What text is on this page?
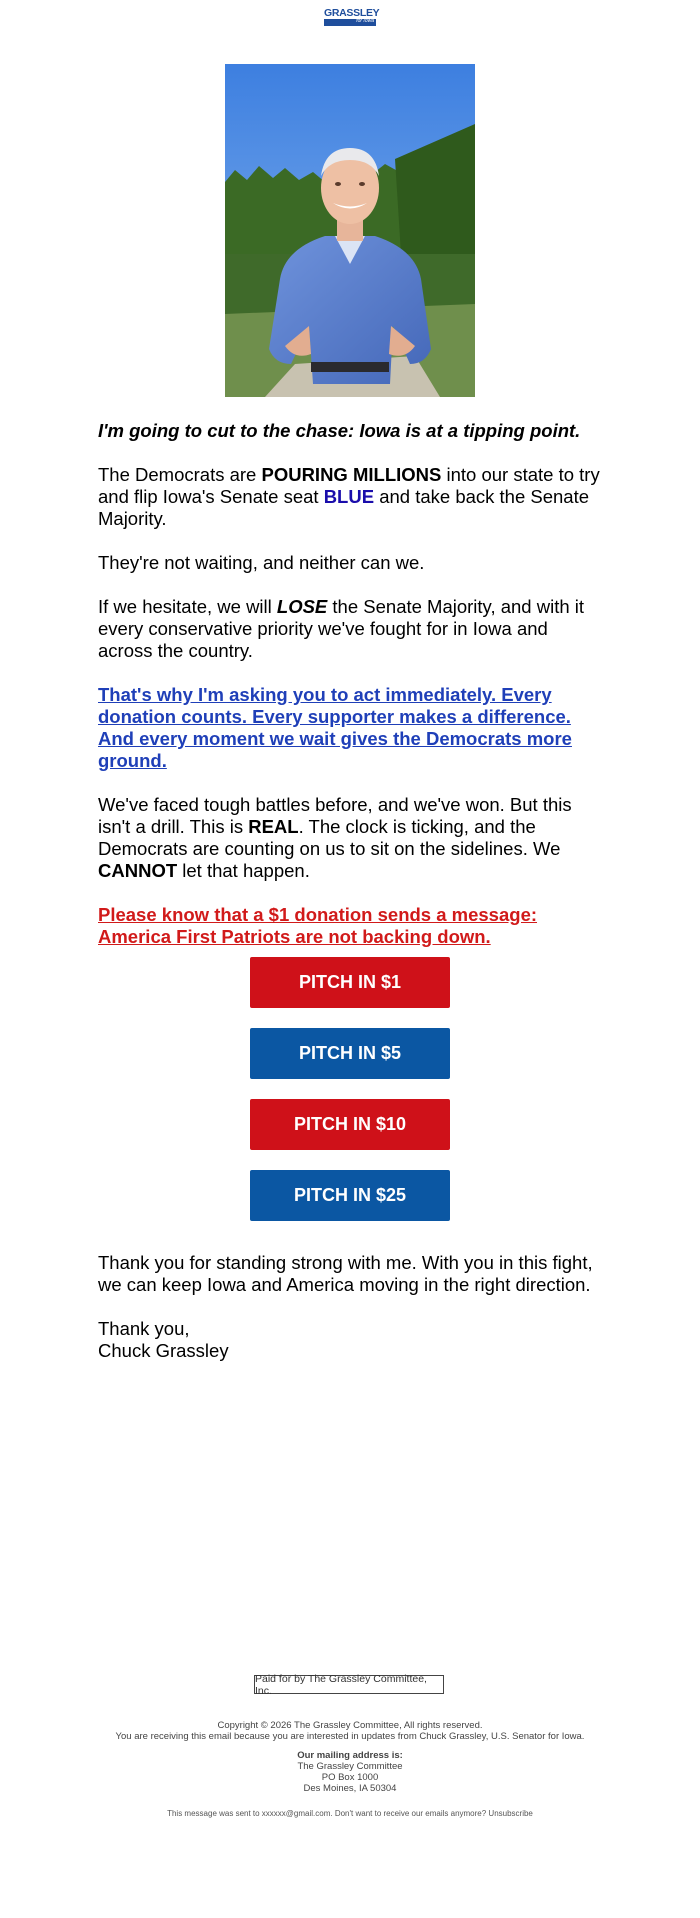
GRASSLEY
for Iowa

I'm going to cut to the chase: Iowa is at a tipping point.

The Democrats are POURING MILLIONS into our state to try and flip Iowa's Senate seat BLUE and take back the Senate Majority.

They're not waiting, and neither can we.

If we hesitate, we will LOSE the Senate Majority, and with it every conservative priority we've fought for in Iowa and across the country.

That's why I'm asking you to act immediately. Every donation counts. Every supporter makes a difference. And every moment we wait gives the Democrats more ground.

We've faced tough battles before, and we've won. But this isn't a drill. This is REAL. The clock is ticking, and the Democrats are counting on us to sit on the sidelines. We CANNOT let that happen.

Please know that a $1 donation sends a message: America First Patriots are not backing down.

PITCH IN $1
PITCH IN $5
PITCH IN $10
PITCH IN $25

Thank you for standing strong with me. With you in this fight, we can keep Iowa and America moving in the right direction.

Thank you,

Chuck Grassley

Paid for by The Grassley Committee, Inc.

Copyright © 2026 The Grassley Committee, All rights reserved.

You are receiving this email because you are interested in updates from Chuck Grassley, U.S. Senator for Iowa.

Our mailing address is:

The Grassley Committee

PO Box 1000

Des Moines, IA 50304

This message was sent to xxxxxx@gmail.com. Don't want to receive our emails anymore? Unsubscribe
